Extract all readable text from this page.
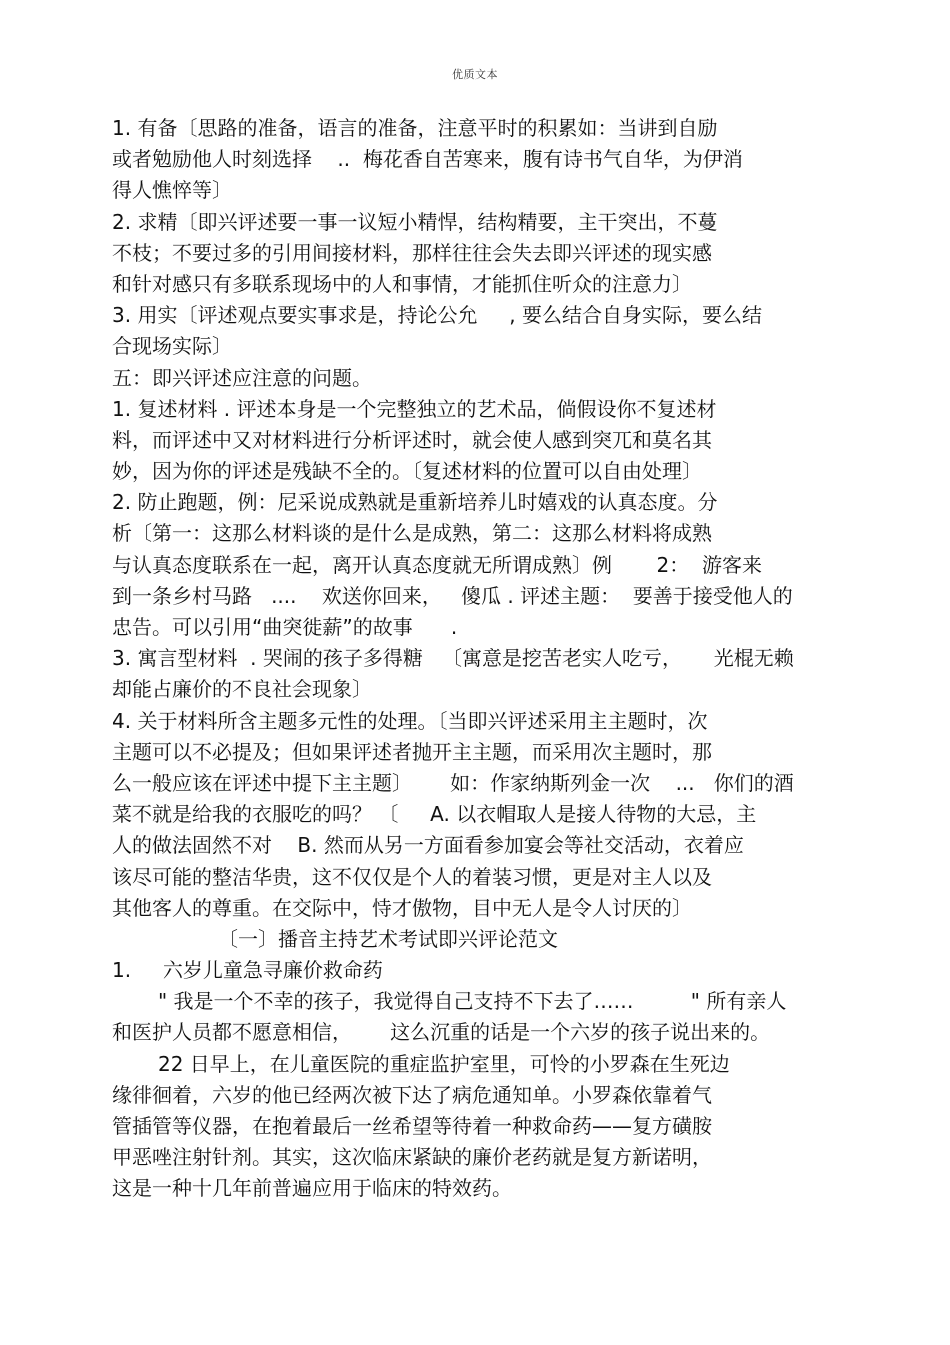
优质文本
1. 有备〔思路的准备，语言的准备，注意平时的积累如：当讲到自励
或者勉励他人时刻选择    ..  梅花香自苦寒来，腹有诗书气自华，为伊消
得人憔悴等〕
2. 求精〔即兴评述要一事一议短小精悍，结构精要，主干突出，不蔓
不枝；不要过多的引用间接材料，那样往往会失去即兴评述的现实感
和针对感只有多联系现场中的人和事情，才能抓住听众的注意力〕
3. 用实〔评述观点要实事求是，持论公允     , 要么结合自身实际，要么结
合现场实际〕
五：即兴评述应注意的问题。
1. 复述材料 . 评述本身是一个完整独立的艺术品，倘假设你不复述材
料，而评述中又对材料进行分析评述时，就会使人感到突兀和莫名其
妙，因为你的评述是残缺不全的。〔复述材料的位置可以自由处理〕
2. 防止跑题，例：尼采说成熟就是重新培养儿时嬉戏的认真态度。分
析〔第一：这那么材料谈的是什么是成熟，第二：这那么材料将成熟
与认真态度联系在一起，离开认真态度就无所谓成熟〕例       2：  游客来
到一条乡村马路   ....    欢送你回来，   傻瓜 . 评述主题：  要善于接受他人的
忠告。可以引用“曲突徙薪”的故事      .
3. 寓言型材料  . 哭闹的孩子多得糖   〔寓意是挖苦老实人吃亏，     光棍无赖
却能占廉价的不良社会现象〕
4. 关于材料所含主题多元性的处理。〔当即兴评述采用主主题时，次
主题可以不必提及；但如果评述者抛开主主题，而采用次主题时，那
么一般应该在评述中提下主主题〕      如：作家纳斯列金一次    ...   你们的酒
菜不就是给我的衣服吃的吗？ 〔     A. 以衣帽取人是接人待物的大忌，主
人的做法固然不对    B. 然而从另一方面看参加宴会等社交活动，衣着应
该尽可能的整洁华贵，这不仅仅是个人的着装习惯，更是对主人以及
其他客人的尊重。在交际中，恃才傲物，目中无人是令人讨厌的〕
〔一〕播音主持艺术考试即兴评论范文
1.     六岁儿童急寻廉价救命药
" 我是一个不幸的孩子，我觉得自己支持不下去了……         " 所有亲人
和医护人员都不愿意相信，      这么沉重的话是一个六岁的孩子说出来的。
22 日早上，在儿童医院的重症监护室里，可怜的小罗森在生死边
缘徘徊着，六岁的他已经两次被下达了病危通知单。小罗森依靠着气
管插管等仪器，在抱着最后一丝希望等待着一种救命药——复方磺胺
甲恶唑注射针剂。其实，这次临床紧缺的廉价老药就是复方新诺明，
这是一种十几年前普遍应用于临床的特效药。
